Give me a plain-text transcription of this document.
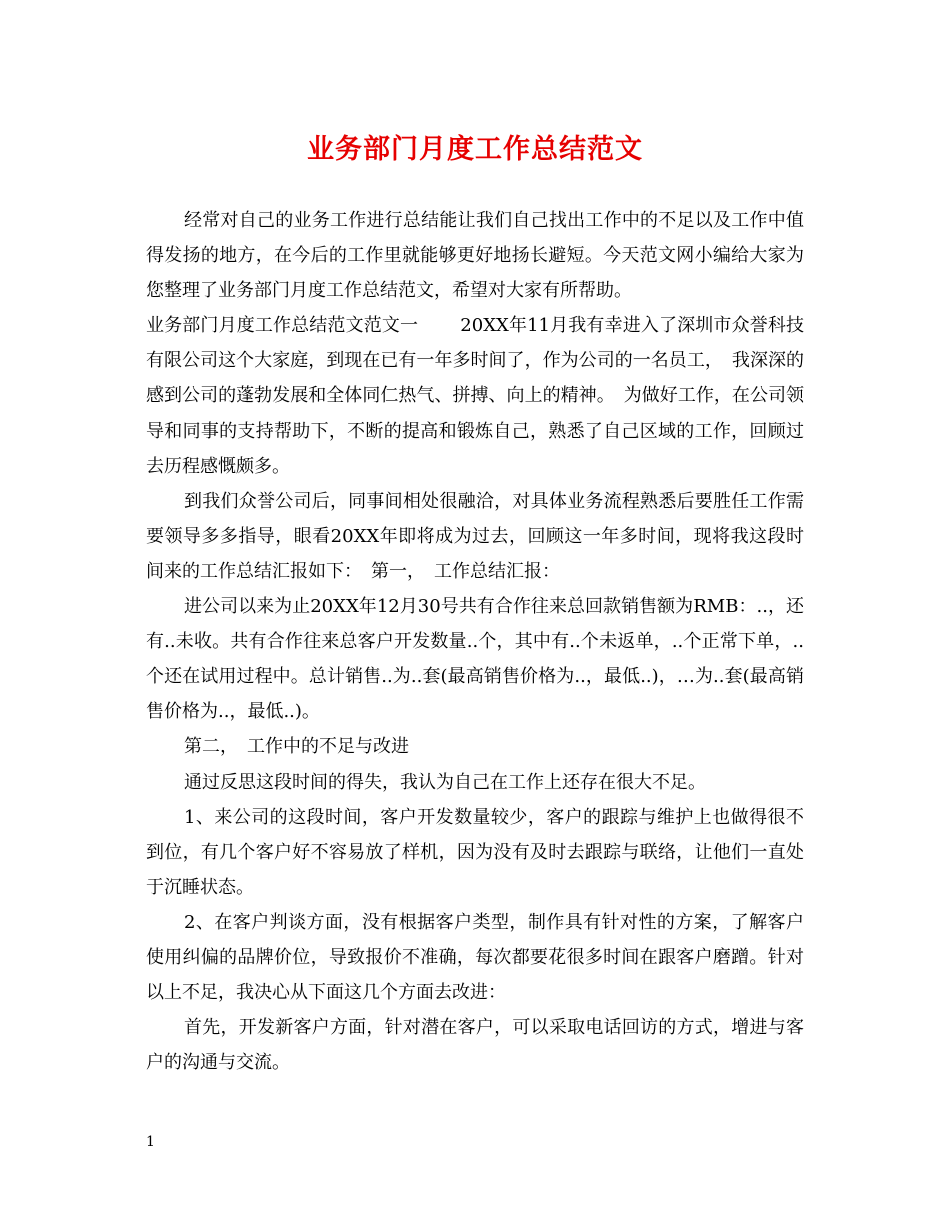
业务部门月度工作总结范文

经常对自己的业务工作进行总结能让我们自己找出工作中的不足以及工作中值得发扬的地方，在今后的工作里就能够更好地扬长避短。今天范文网小编给大家为您整理了业务部门月度工作总结范文，希望对大家有所帮助。

业务部门月度工作总结范文范文一　　 20XX年11月我有幸进入了深圳市众誉科技有限公司这个大家庭，到现在已有一年多时间了，作为公司的一名员工，　我深深的感到公司的蓬勃发展和全体同仁热气、拼搏、向上的精神。　为做好工作，在公司领导和同事的支持帮助下，不断的提高和锻炼自己，熟悉了自己区域的工作，回顾过去历程感慨颇多。

到我们众誉公司后，同事间相处很融洽，对具体业务流程熟悉后要胜任工作需要领导多多指导，眼看20XX年即将成为过去，回顾这一年多时间，现将我这段时间来的工作总结汇报如下：　第一，　工作总结汇报：

进公司以来为止20XX年12月30号共有合作往来总回款销售额为RMB：..，还有..未收。共有合作往来总客户开发数量..个，其中有..个未返单，..个正常下单，..个还在试用过程中。总计销售..为..套(最高销售价格为..，最低..)，…为..套(最高销售价格为..，最低..)。

第二，　工作中的不足与改进

通过反思这段时间的得失，我认为自己在工作上还存在很大不足。

1、来公司的这段时间，客户开发数量较少，客户的跟踪与维护上也做得很不到位，有几个客户好不容易放了样机，因为没有及时去跟踪与联络，让他们一直处于沉睡状态。

2、在客户判谈方面，没有根据客户类型，制作具有针对性的方案，了解客户使用纠偏的品牌价位，导致报价不准确，每次都要花很多时间在跟客户磨蹭。针对以上不足，我决心从下面这几个方面去改进：

首先，开发新客户方面，针对潜在客户，可以采取电话回访的方式，增进与客户的沟通与交流。

1
